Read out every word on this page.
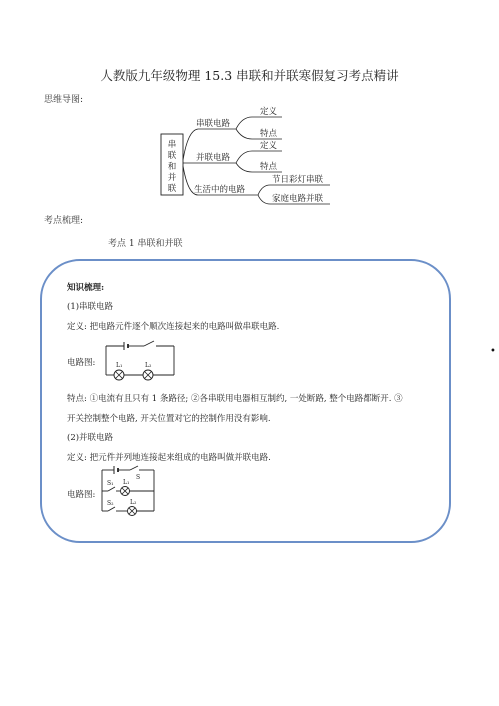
人教版九年级物理 15.3 串联和并联寒假复习考点精讲
思维导图:
串
联
和
并
联
串联电路
并联电路
生活中的电路
定义
特点
定义
特点
节日彩灯串联
家庭电路并联
考点梳理:
考点 1 串联和并联
知识梳理:
(1)串联电路
定义: 把电路元件逐个顺次连接起来的电路叫做串联电路.
电路图:	L₁	L₂
特点: ①电流有且只有 1 条路径; ②各串联用电器相互制约, 一处断路, 整个电路都断开. ③
开关控制整个电路, 开关位置对它的控制作用没有影响.
(2)并联电路
定义: 把元件并列地连接起来组成的电路叫做并联电路.
电路图:
S
S₁ L₁
S₂	L₂
•
